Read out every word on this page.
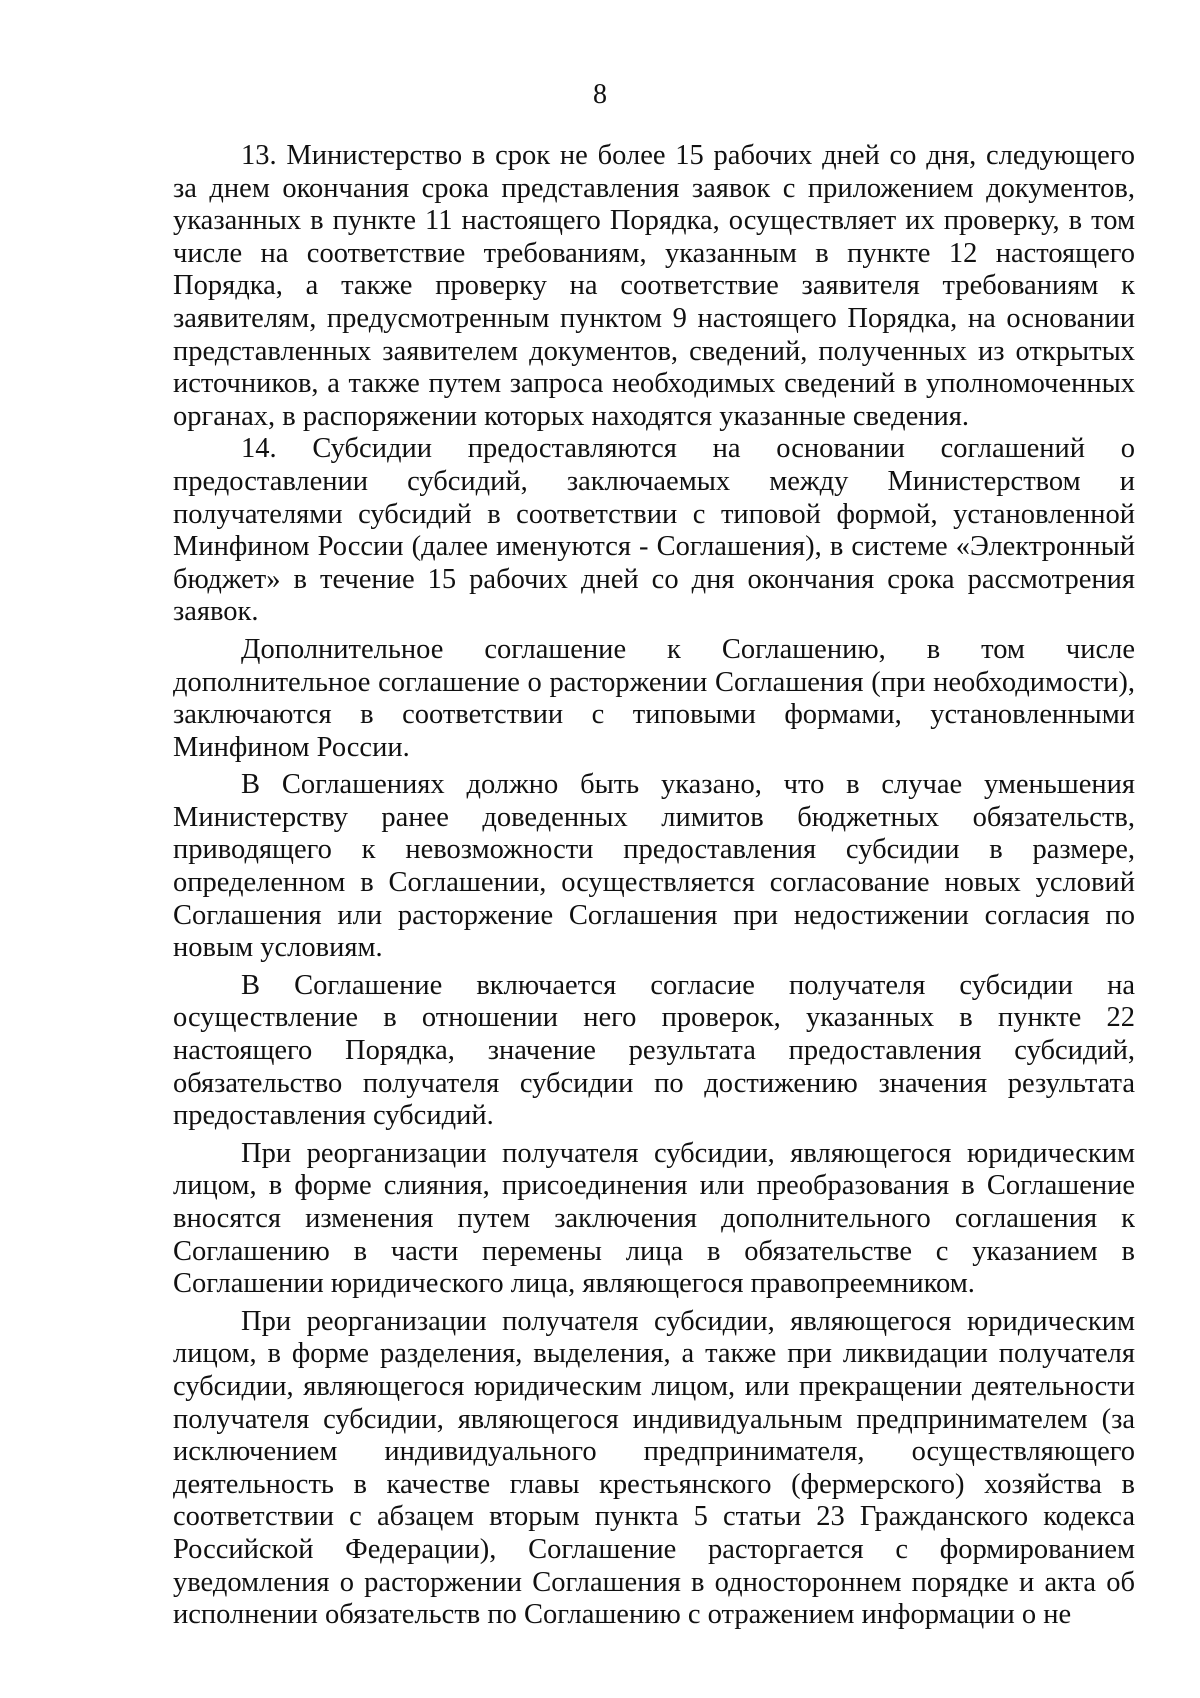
8

13. Министерство в срок не более 15 рабочих дней со дня, следующего за днем окончания срока представления заявок с приложением документов, указанных в пункте 11 настоящего Порядка, осуществляет их проверку, в том числе на соответствие требованиям, указанным в пункте 12 настоящего Порядка, а также проверку на соответствие заявителя требованиям к заявителям, предусмотренным пунктом 9 настоящего Порядка, на основании представленных заявителем документов, сведений, полученных из открытых источников, а также путем запроса необходимых сведений в уполномоченных органах, в распоряжении которых находятся указанные сведения.

14. Субсидии предоставляются на основании соглашений о предоставлении субсидий, заключаемых между Министерством и получателями субсидий в соответствии с типовой формой, установленной Минфином России (далее именуются - Соглашения), в системе «Электронный бюджет» в течение 15 рабочих дней со дня окончания срока рассмотрения заявок.

Дополнительное соглашение к Соглашению, в том числе дополнительное соглашение о расторжении Соглашения (при необходимости), заключаются в соответствии с типовыми формами, установленными Минфином России.

В Соглашениях должно быть указано, что в случае уменьшения Министерству ранее доведенных лимитов бюджетных обязательств, приводящего к невозможности предоставления субсидии в размере, определенном в Соглашении, осуществляется согласование новых условий Соглашения или расторжение Соглашения при недостижении согласия по новым условиям.

В Соглашение включается согласие получателя субсидии на осуществление в отношении него проверок, указанных в пункте 22 настоящего Порядка, значение результата предоставления субсидий, обязательство получателя субсидии по достижению значения результата предоставления субсидий.

При реорганизации получателя субсидии, являющегося юридическим лицом, в форме слияния, присоединения или преобразования в Соглашение вносятся изменения путем заключения дополнительного соглашения к Соглашению в части перемены лица в обязательстве с указанием в Соглашении юридического лица, являющегося правопреемником.

При реорганизации получателя субсидии, являющегося юридическим лицом, в форме разделения, выделения, а также при ликвидации получателя субсидии, являющегося юридическим лицом, или прекращении деятельности получателя субсидии, являющегося индивидуальным предпринимателем (за исключением индивидуального предпринимателя, осуществляющего деятельность в качестве главы крестьянского (фермерского) хозяйства в соответствии с абзацем вторым пункта 5 статьи 23 Гражданского кодекса Российской Федерации), Соглашение расторгается с формированием уведомления о расторжении Соглашения в одностороннем порядке и акта об исполнении обязательств по Соглашению с отражением информации о не
